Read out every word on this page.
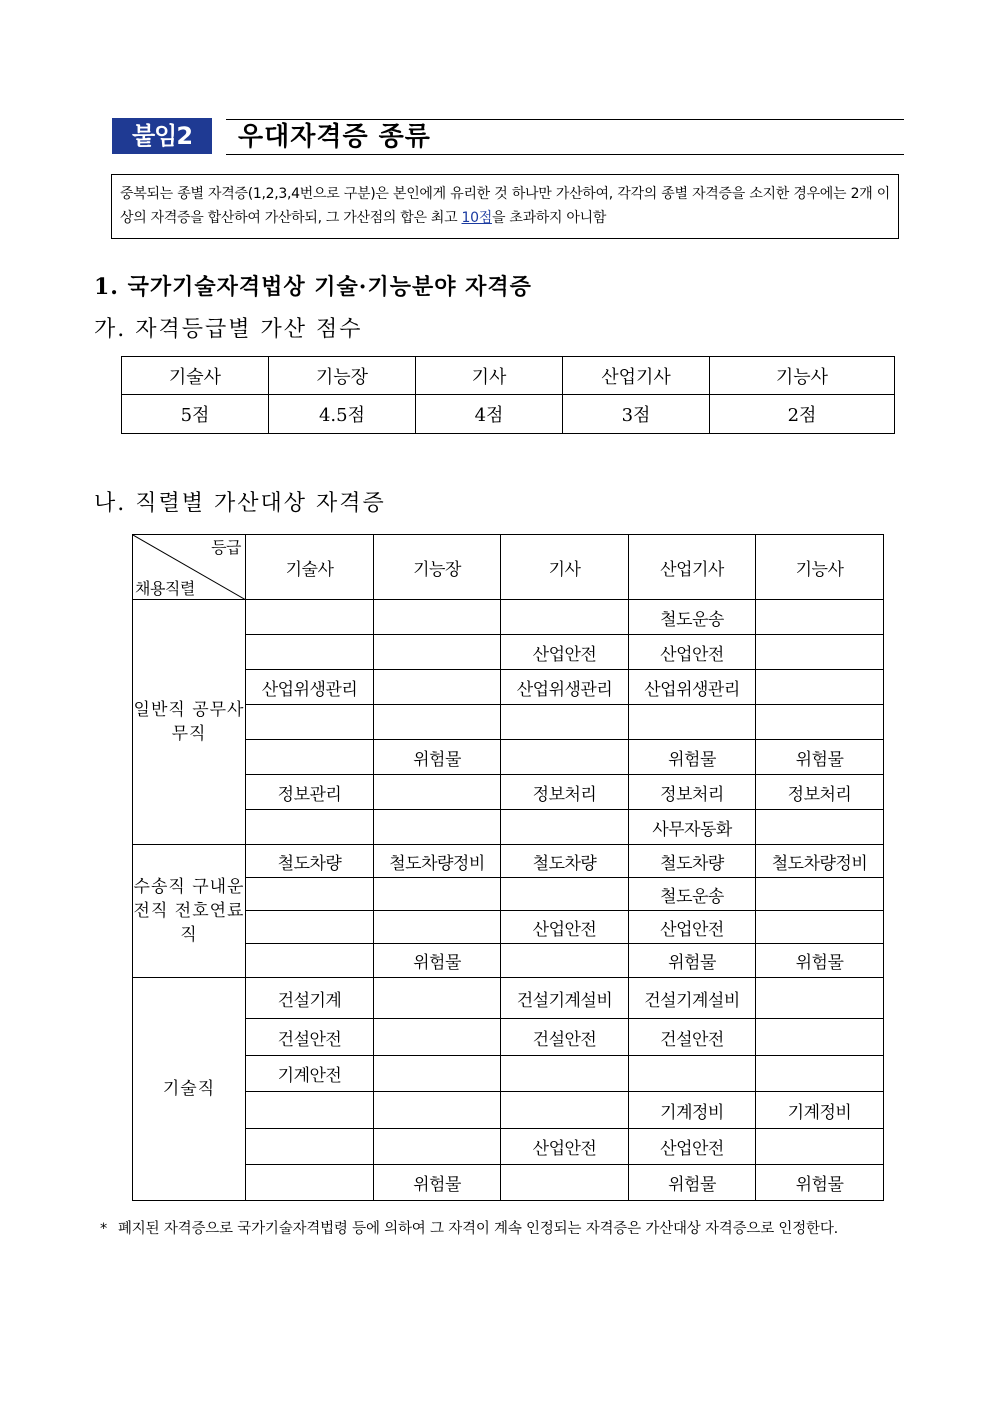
붙임2	우대자격증 종류
중복되는 종별 자격증(1,2,3,4번으로 구분)은 본인에게 유리한 것 하나만 가산하여, 각각의 종별 자격증을 소지한 경우에는 2개 이상의 자격증을 합산하여 가산하되, 그 가산점의 합은 최고 10점을 초과하지 아니함
1. 국가기술자격법상 기술·기능분야 자격증
가. 자격등급별 가산 점수
기술사	기능장	기사	산업기사	기능사
5점	4.5점	4점	3점	2점
나. 직렬별 가산대상 자격증
등급
채용직렬	기술사	기능장	기사	산업기사	기능사
일반직 공무사무직				철도운송	
			산업안전	산업안전	
	산업위생관리		산업위생관리	산업위생관리	

		위험물		위험물	위험물
	정보관리		정보처리	정보처리	정보처리
				사무자동화	
수송직 구내운전직 전호연료직	철도차량	철도차량정비	철도차량	철도차량	철도차량정비
				철도운송	
			산업안전	산업안전	
		위험물		위험물	위험물
기술직	건설기계		건설기계설비	건설기계설비	
	건설안전		건설안전	건설안전	
	기계안전				
				기계정비	기계정비
			산업안전	산업안전	
		위험물		위험물	위험물
* 폐지된 자격증으로 국가기술자격법령 등에 의하여 그 자격이 계속 인정되는 자격증은 가산대상 자격증으로 인정한다.
